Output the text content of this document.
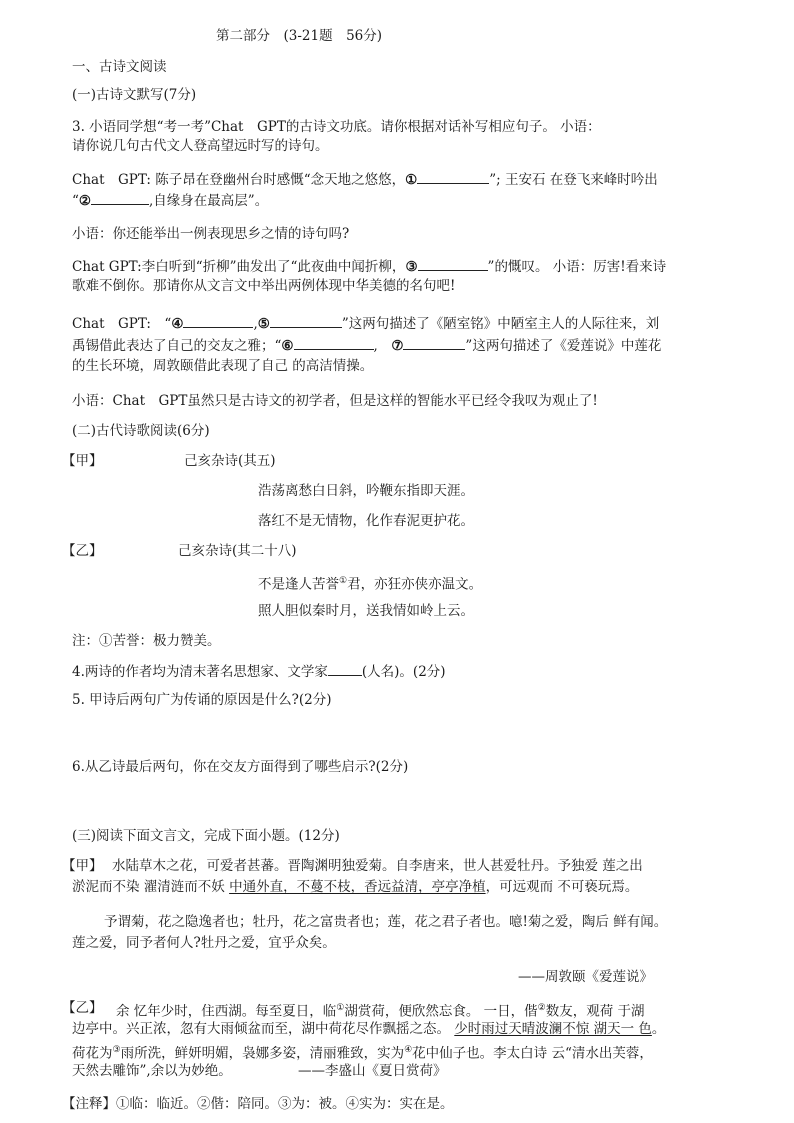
第二部分　(3-21题　56分)
一、古诗文阅读
(一)古诗文默写(7分)
3. 小语同学想“考一考”Chat　GPT的古诗文功底。请你根据对话补写相应句子。 小语：
请你说几句古代文人登高望远时写的诗句。
Chat　GPT: 陈子昂在登幽州台时感慨“念天地之悠悠，①	”; 王安石 在登飞来峰时吟出
“②	,自缘身在最高层”。
小语：你还能举出一例表现思乡之情的诗句吗?
Chat GPT:李白听到“折柳”曲发出了“此夜曲中闻折柳，③	”的慨叹。 小语：厉害!看来诗
歌难不倒你。那请你从文言文中举出两例体现中华美德的名句吧!
Chat　GPT:　“④	,⑤	”这两句描述了《陋室铭》中陋室主人的人际往来，刘
禹锡借此表达了自己的交友之雅；“⑥	,　⑦	”这两句描述了《爱莲说》中莲花
的生长环境，周敦颐借此表现了自己 的高洁情操。
小语：Chat　GPT虽然只是古诗文的初学者，但是这样的智能水平已经令我叹为观止了!
(二)古代诗歌阅读(6分)
【甲】	己亥杂诗(其五)
浩荡离愁白日斜，吟鞭东指即天涯。
落红不是无情物，化作春泥更护花。
【乙】	己亥杂诗(其二十八)
不是逢人苦誉①君，亦狂亦侠亦温文。
照人胆似秦时月，送我情如岭上云。
注：①苦誉：极力赞美。
4.两诗的作者均为清末著名思想家、文学家	(人名)。(2分)
5. 甲诗后两句广为传诵的原因是什么?(2分)
6.从乙诗最后两句，你在交友方面得到了哪些启示?(2分)
(三)阅读下面文言文，完成下面小题。(12分)
【甲】 水陆草木之花，可爱者甚蕃。晋陶渊明独爱菊。自李唐来，世人甚爱牡丹。予独爱 莲之出
淤泥而不染 濯清涟而不妖 中通外直，不蔓不枝，香远益清，亭亭净植，可远观而 不可亵玩焉。
予谓菊，花之隐逸者也；牡丹，花之富贵者也；莲，花之君子者也。噫!菊之爱，陶后 鲜有闻。
莲之爱，同予者何人?牡丹之爱，宜乎众矣。
——周敦颐《爱莲说》
【乙】 余 忆年少时，住西湖。每至夏日，临①湖赏荷，便欣然忘食。 一日，偕②数友，观荷 于湖
边亭中。兴正浓，忽有大雨倾盆而至，湖中荷花尽作飘摇之态。 少时雨过天晴波澜不惊 湖天一 色。
荷花为③雨所洗，鲜妍明媚，袅娜多姿，清丽雅致，实为④花中仙子也。李太白诗 云“清水出芙蓉，
天然去雕饰”,余以为妙绝。	——李盛山《夏日赏荷》
【注释】①临：临近。②偕：陪同。③为：被。④实为：实在是。
